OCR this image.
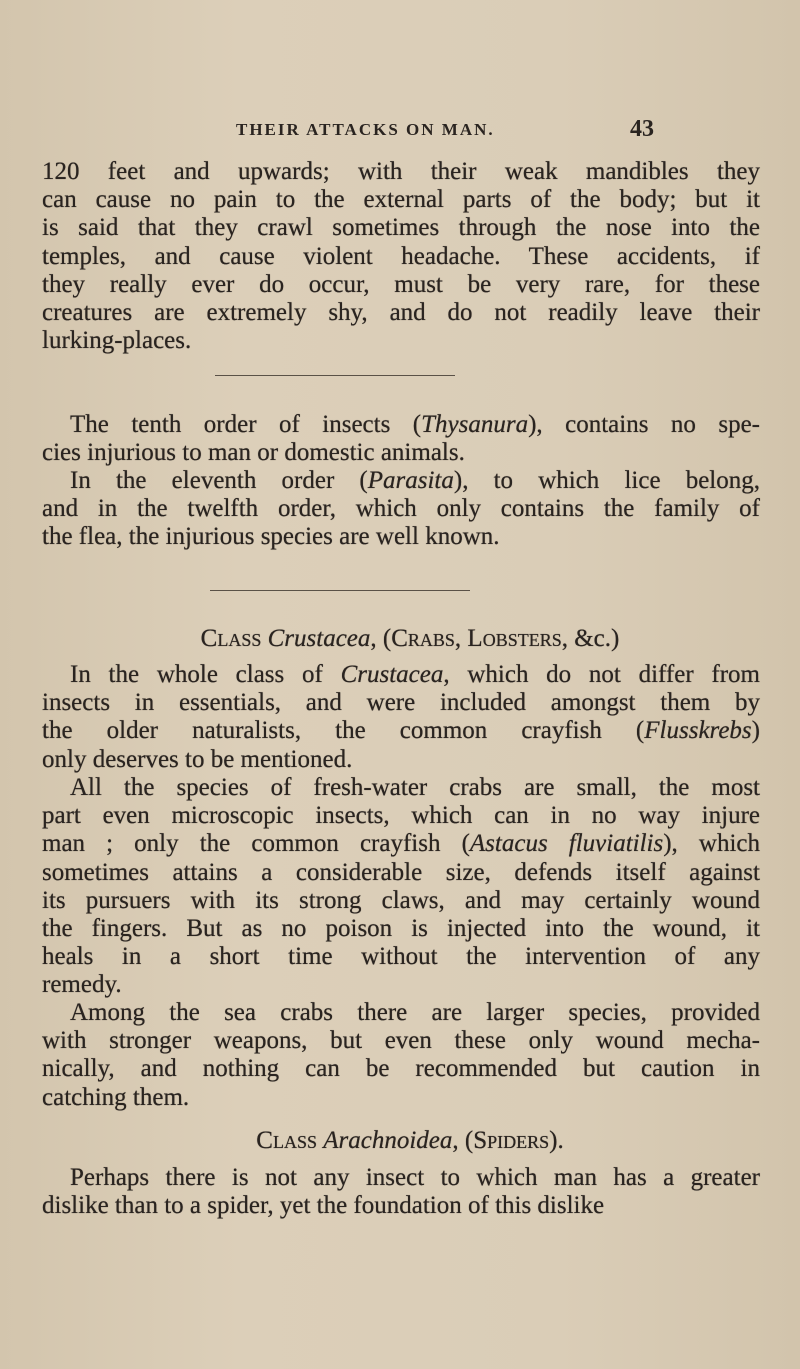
THEIR ATTACKS ON MAN.	43
120 feet and upwards; with their weak mandibles they
can cause no pain to the external parts of the body; but it
is said that they crawl sometimes through the nose into the
temples, and cause violent headache. These accidents, if
they really ever do occur, must be very rare, for these
creatures are extremely shy, and do not readily leave their
lurking-places.
The tenth order of insects (Thysanura), contains no spe-
cies injurious to man or domestic animals.
In the eleventh order (Parasita), to which lice belong,
and in the twelfth order, which only contains the family of
the flea, the injurious species are well known.
Class Crustacea, (Crabs, Lobsters, &c.)
In the whole class of Crustacea, which do not differ from
insects in essentials, and were included amongst them by
the older naturalists, the common crayfish (Flusskrebs)
only deserves to be mentioned.
All the species of fresh-water crabs are small, the most
part even microscopic insects, which can in no way injure
man ; only the common crayfish (Astacus fluviatilis), which
sometimes attains a considerable size, defends itself against
its pursuers with its strong claws, and may certainly wound
the fingers. But as no poison is injected into the wound, it
heals in a short time without the intervention of any
remedy.
Among the sea crabs there are larger species, provided
with stronger weapons, but even these only wound mecha-
nically, and nothing can be recommended but caution in
catching them.
Class Arachnoidea, (Spiders).
Perhaps there is not any insect to which man has a greater
dislike than to a spider, yet the foundation of this dislike
